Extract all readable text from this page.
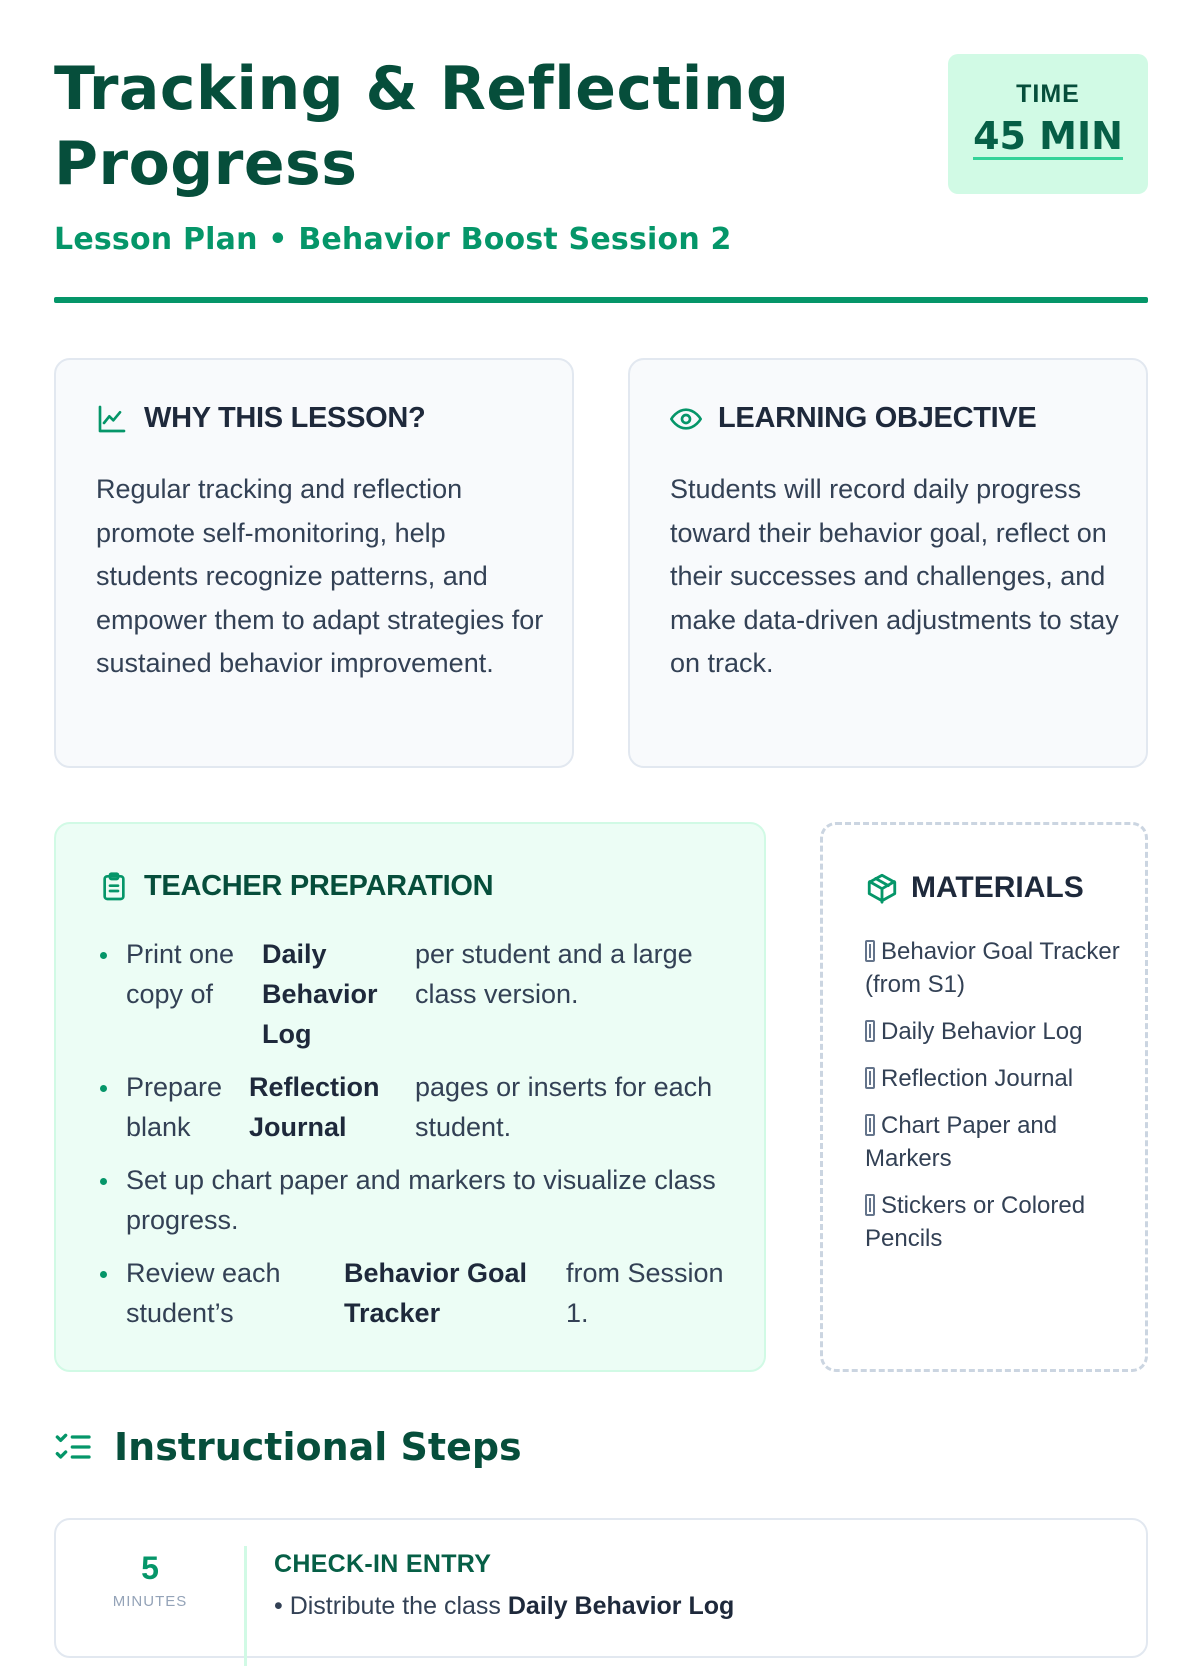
Tracking & Reflecting Progress
Lesson Plan • Behavior Boost Session 2
TIME
45 MIN
WHY THIS LESSON?
Regular tracking and reflection promote self-monitoring, help students recognize patterns, and empower them to adapt strategies for sustained behavior improvement.
LEARNING OBJECTIVE
Students will record daily progress toward their behavior goal, reflect on their successes and challenges, and make data-driven adjustments to stay on track.
TEACHER PREPARATION
Print one copy of
Daily Behavior Log
per student and a large class version.
Prepare blank
Reflection Journal
pages or inserts for each student.
Set up chart paper and markers to visualize class progress.
Review each student’s
Behavior Goal Tracker
from Session 1.
MATERIALS
Behavior Goal Tracker (from S1)
Daily Behavior Log
Reflection Journal
Chart Paper and Markers
Stickers or Colored Pencils
Instructional Steps
5
MINUTES
CHECK-IN ENTRY
• Distribute the class Daily Behavior Log
